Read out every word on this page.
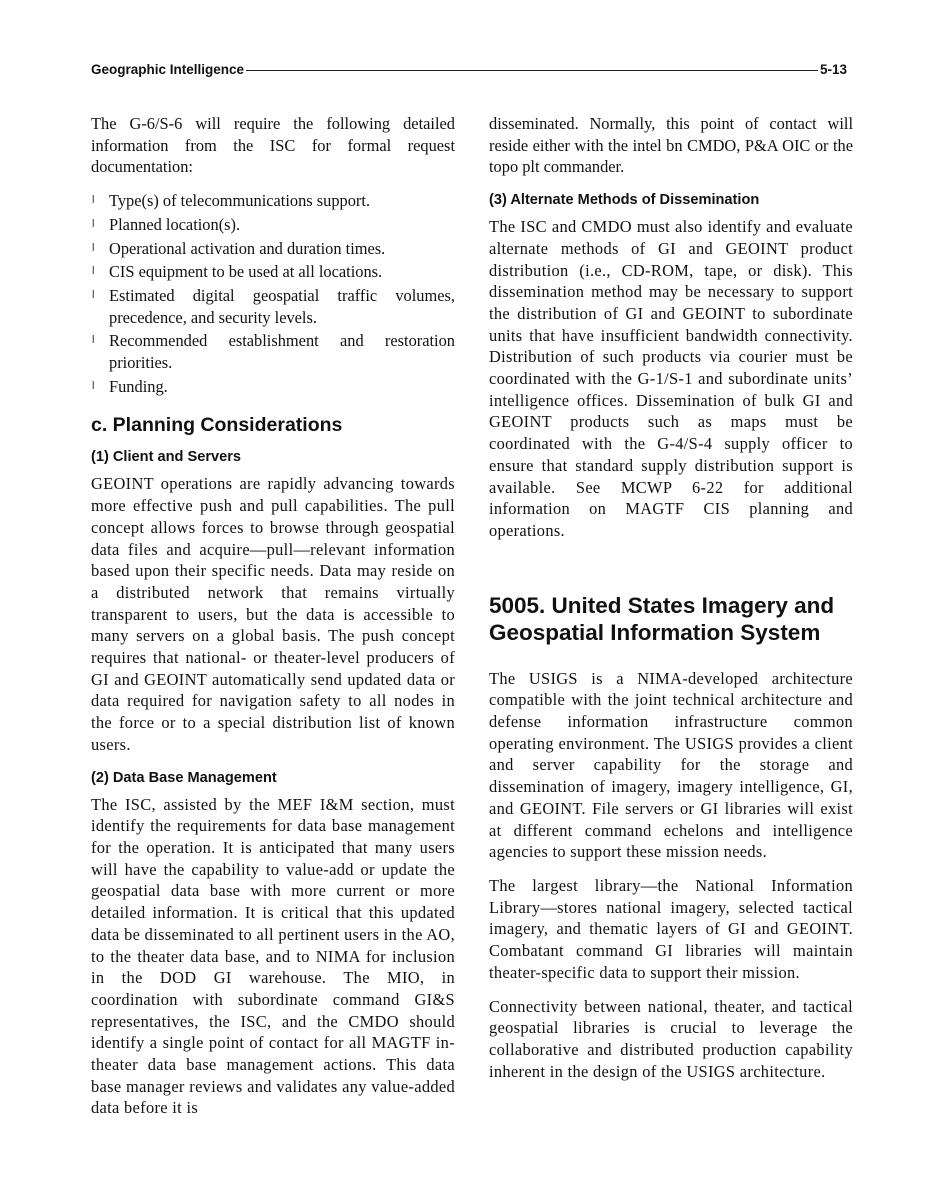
Geographic Intelligence	5-13

The G-6/S-6 will require the following detailed information from the ISC for formal request documentation:

l Type(s) of telecommunications support.
l Planned location(s).
l Operational activation and duration times.
l CIS equipment to be used at all locations.
l Estimated digital geospatial traffic volumes, precedence, and security levels.
l Recommended establishment and restoration priorities.
l Funding.
c. Planning Considerations
(1) Client and Servers

GEOINT operations are rapidly advancing towards more effective push and pull capabilities. The pull concept allows forces to browse through geospatial data files and acquire—pull—relevant information based upon their specific needs. Data may reside on a distributed network that remains virtually transparent to users, but the data is accessible to many servers on a global basis. The push concept requires that national- or theater-level producers of GI and GEOINT automatically send updated data or data required for navigation safety to all nodes in the force or to a special distribution list of known users.

(2) Data Base Management

The ISC, assisted by the MEF I&M section, must identify the requirements for data base management for the operation. It is anticipated that many users will have the capability to value-add or update the geospatial data base with more current or more detailed information. It is critical that this updated data be disseminated to all pertinent users in the AO, to the theater data base, and to NIMA for inclusion in the DOD GI warehouse. The MIO, in coordination with subordinate command GI&S representatives, the ISC, and the CMDO should identify a single point of contact for all MAGTF in-theater data base management actions. This data base manager reviews and validates any value-added data before it is

disseminated. Normally, this point of contact will reside either with the intel bn CMDO, P&A OIC or the topo plt commander.

(3) Alternate Methods of Dissemination

The ISC and CMDO must also identify and evaluate alternate methods of GI and GEOINT product distribution (i.e., CD-ROM, tape, or disk). This dissemination method may be necessary to support the distribution of GI and GEOINT to subordinate units that have insufficient bandwidth connectivity. Distribution of such products via courier must be coordinated with the G-1/S-1 and subordinate units’ intelligence offices. Dissemination of bulk GI and GEOINT products such as maps must be coordinated with the G-4/S-4 supply officer to ensure that standard supply distribution support is available. See MCWP 6-22 for additional information on MAGTF CIS planning and operations.

5005. United States Imagery and Geospatial Information System

The USIGS is a NIMA-developed architecture compatible with the joint technical architecture and defense information infrastructure common operating environment. The USIGS provides a client and server capability for the storage and dissemination of imagery, imagery intelligence, GI, and GEOINT. File servers or GI libraries will exist at different command echelons and intelligence agencies to support these mission needs.

The largest library—the National Information Library—stores national imagery, selected tactical imagery, and thematic layers of GI and GEOINT. Combatant command GI libraries will maintain theater-specific data to support their mission.

Connectivity between national, theater, and tactical geospatial libraries is crucial to leverage the collaborative and distributed production capability inherent in the design of the USIGS architecture.
